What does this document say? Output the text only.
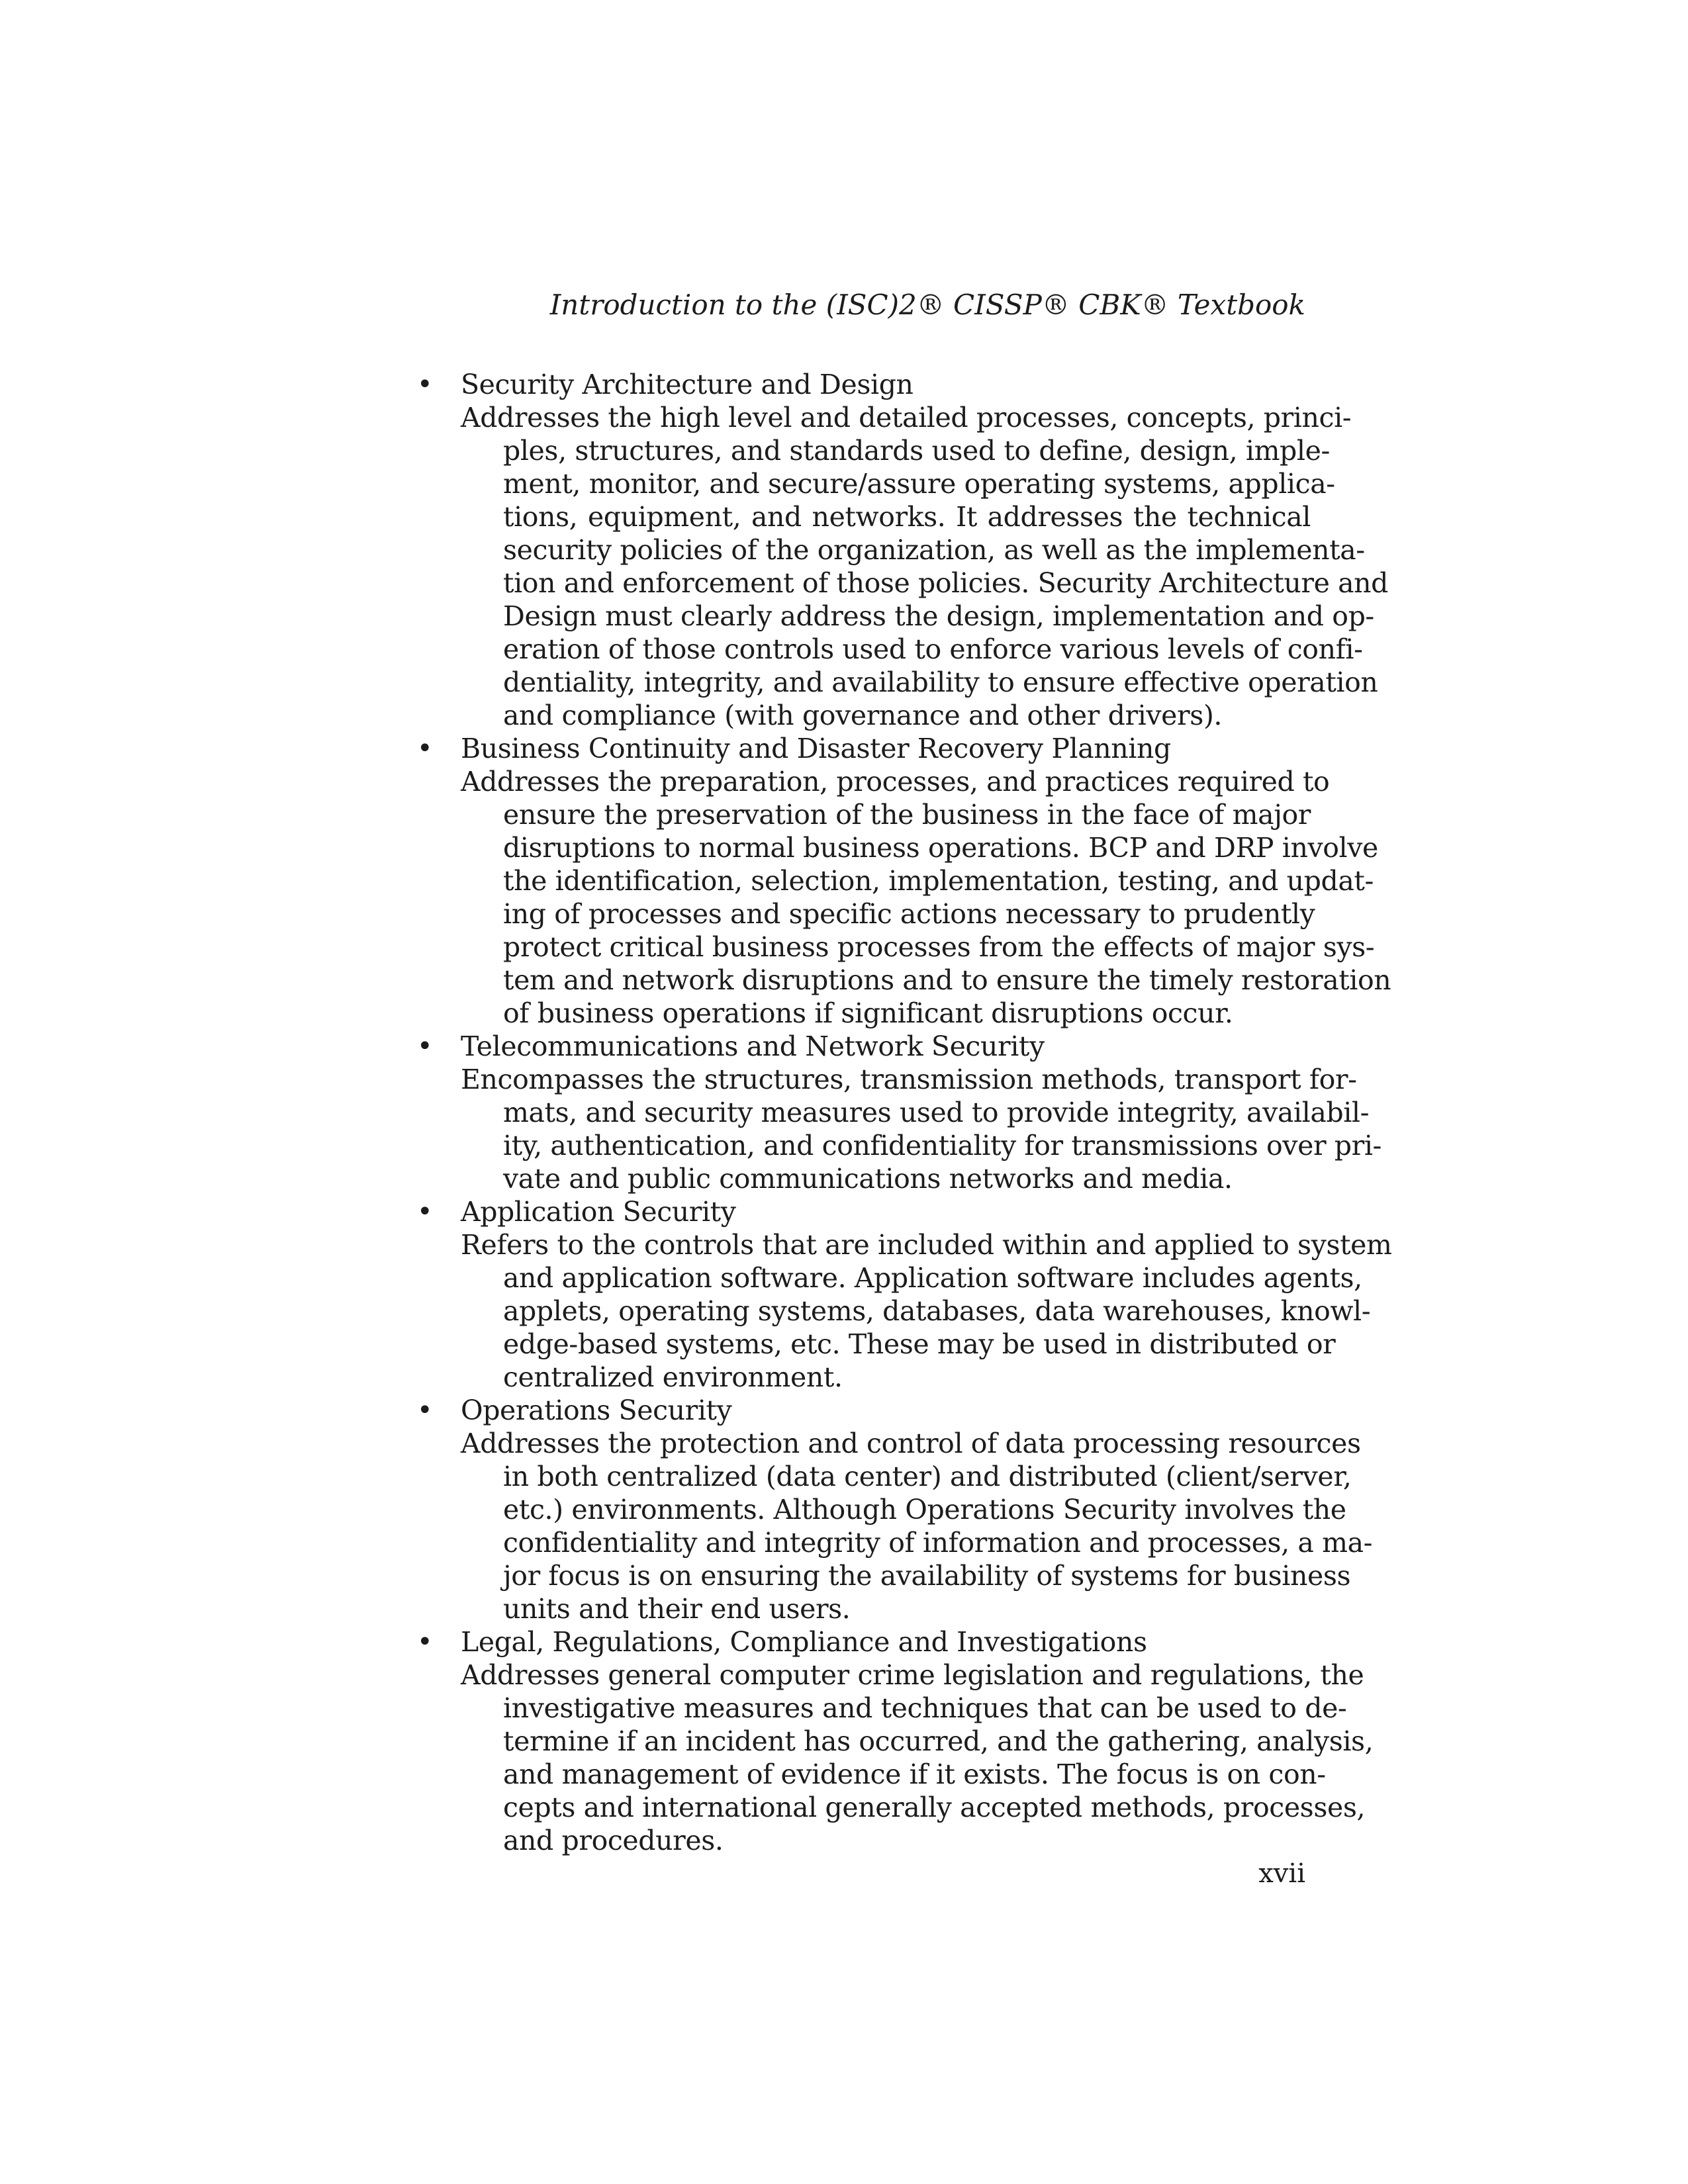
Introduction to the (ISC)2® CISSP® CBK® Textbook
•	Security Architecture and Design
Addresses the high level and detailed processes, concepts, princi-
ples, structures, and standards used to define, design, imple-
ment, monitor, and secure/assure operating systems, applica-
tions, equipment, and networks. It addresses the technical
security policies of the organization, as well as the implementa-
tion and enforcement of those policies. Security Architecture and
Design must clearly address the design, implementation and op-
eration of those controls used to enforce various levels of confi-
dentiality, integrity, and availability to ensure effective operation
and compliance (with governance and other drivers).
•	Business Continuity and Disaster Recovery Planning
Addresses the preparation, processes, and practices required to
ensure the preservation of the business in the face of major
disruptions to normal business operations. BCP and DRP involve
the identification, selection, implementation, testing, and updat-
ing of processes and specific actions necessary to prudently
protect critical business processes from the effects of major sys-
tem and network disruptions and to ensure the timely restoration
of business operations if significant disruptions occur.
•	Telecommunications and Network Security
Encompasses the structures, transmission methods, transport for-
mats, and security measures used to provide integrity, availabil-
ity, authentication, and confidentiality for transmissions over pri-
vate and public communications networks and media.
•	Application Security
Refers to the controls that are included within and applied to system
and application software. Application software includes agents,
applets, operating systems, databases, data warehouses, knowl-
edge-based systems, etc. These may be used in distributed or
centralized environment.
•	Operations Security
Addresses the protection and control of data processing resources
in both centralized (data center) and distributed (client/server,
etc.) environments. Although Operations Security involves the
confidentiality and integrity of information and processes, a ma-
jor focus is on ensuring the availability of systems for business
units and their end users.
•	Legal, Regulations, Compliance and Investigations
Addresses general computer crime legislation and regulations, the
investigative measures and techniques that can be used to de-
termine if an incident has occurred, and the gathering, analysis,
and management of evidence if it exists. The focus is on con-
cepts and international generally accepted methods, processes,
and procedures.
xvii
